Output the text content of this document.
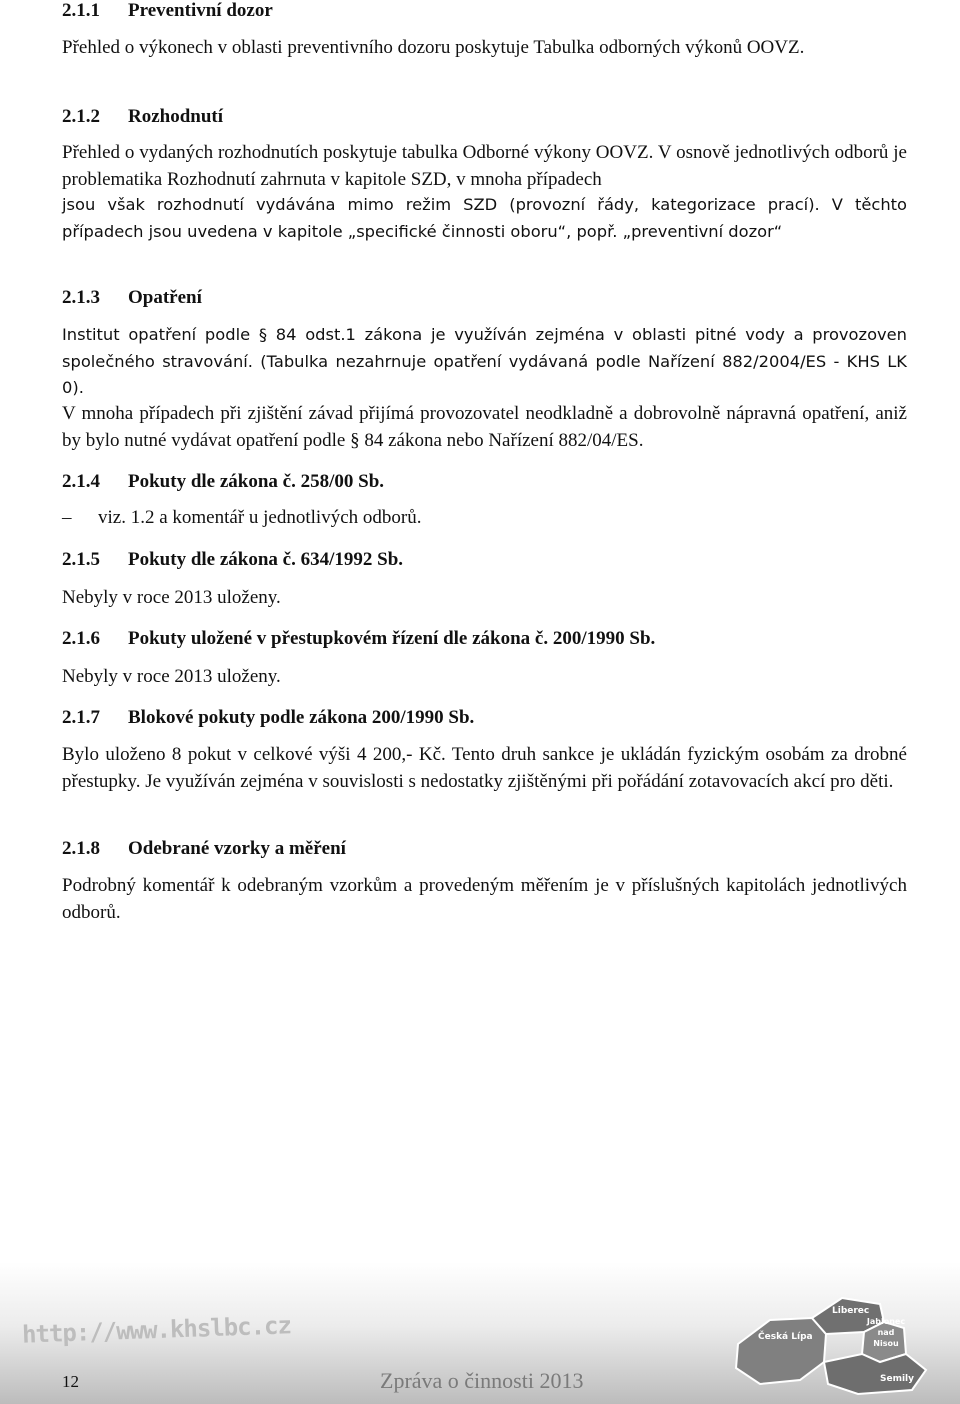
2.1.1 Preventivní dozor

Přehled o výkonech v oblasti preventivního dozoru poskytuje Tabulka odborných výkonů OOVZ.

2.1.2 Rozhodnutí

Přehled o vydaných rozhodnutích poskytuje tabulka Odborné výkony OOVZ. V osnově jednotlivých odborů je problematika Rozhodnutí zahrnuta v kapitole SZD, v mnoha případech

jsou však rozhodnutí vydávána mimo režim SZD (provozní řády, kategorizace prací). V těchto případech jsou uvedena v kapitole „specifické činnosti oboru“, popř. „preventivní dozor“

2.1.3 Opatření

Institut opatření podle § 84 odst.1 zákona je využíván zejména v oblasti pitné vody a provozoven společného stravování. (Tabulka nezahrnuje opatření vydávaná podle Nařízení 882/2004/ES - KHS LK 0).

V mnoha případech při zjištění závad přijímá provozovatel neodkladně a dobrovolně nápravná opatření, aniž by bylo nutné vydávat opatření podle § 84 zákona nebo Nařízení 882/04/ES.

2.1.4 Pokuty dle zákona č. 258/00 Sb.
– viz. 1.2 a komentář u jednotlivých odborů.
2.1.5 Pokuty dle zákona č. 634/1992 Sb.

Nebyly v roce 2013 uloženy.

2.1.6 Pokuty uložené v přestupkovém řízení dle zákona č. 200/1990 Sb.

Nebyly v roce 2013 uloženy.

2.1.7 Blokové pokuty podle zákona 200/1990 Sb.

Bylo uloženo 8 pokut v celkové výši 4 200,- Kč. Tento druh sankce je ukládán fyzickým osobám za drobné přestupky. Je využíván zejména v souvislosti s nedostatky zjištěnými při pořádání zotavovacích akcí pro děti.

2.1.8 Odebrané vzorky a měření

Podrobný komentář k odebraným vzorkům a provedeným měřením je v příslušných kapitolách jednotlivých odborů.

Česká Lípa
Liberec
Jablonec nad Nisou
Semily
http://www.khslbc.cz
12	Zpráva o činnosti 2013
